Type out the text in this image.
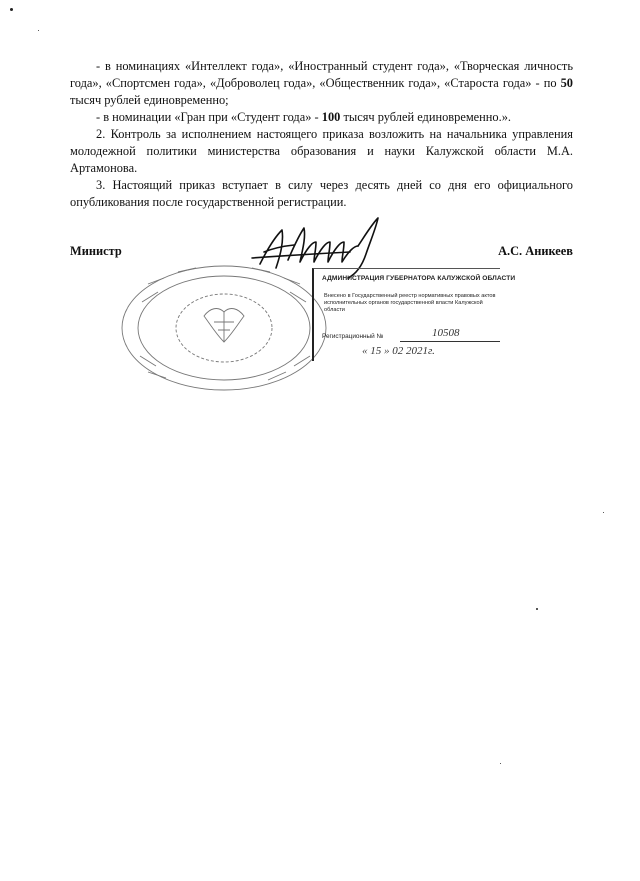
- в номинациях «Интеллект года», «Иностранный студент года», «Творческая личность года», «Спортсмен года», «Доброволец года», «Общественник года», «Староста года» - по 50 тысяч рублей единовременно;

- в номинации «Гран при «Студент года» - 100 тысяч рублей единовременно.».

2. Контроль за исполнением настоящего приказа возложить на начальника управления молодежной политики министерства образования и науки Калужской области М.А. Артамонова.

3. Настоящий приказ вступает в силу через десять дней со дня его официального опубликования после государственной регистрации.

Министр	А.С. Аникеев
АДМИНИСТРАЦИЯ ГУБЕРНАТОРА КАЛУЖСКОЙ ОБЛАСТИ
Внесено в Государственный реестр нормативных правовых актов исполнительных органов государственной власти Калужской области
Регистрационный №	10508
« 15 » 02 2021г.
